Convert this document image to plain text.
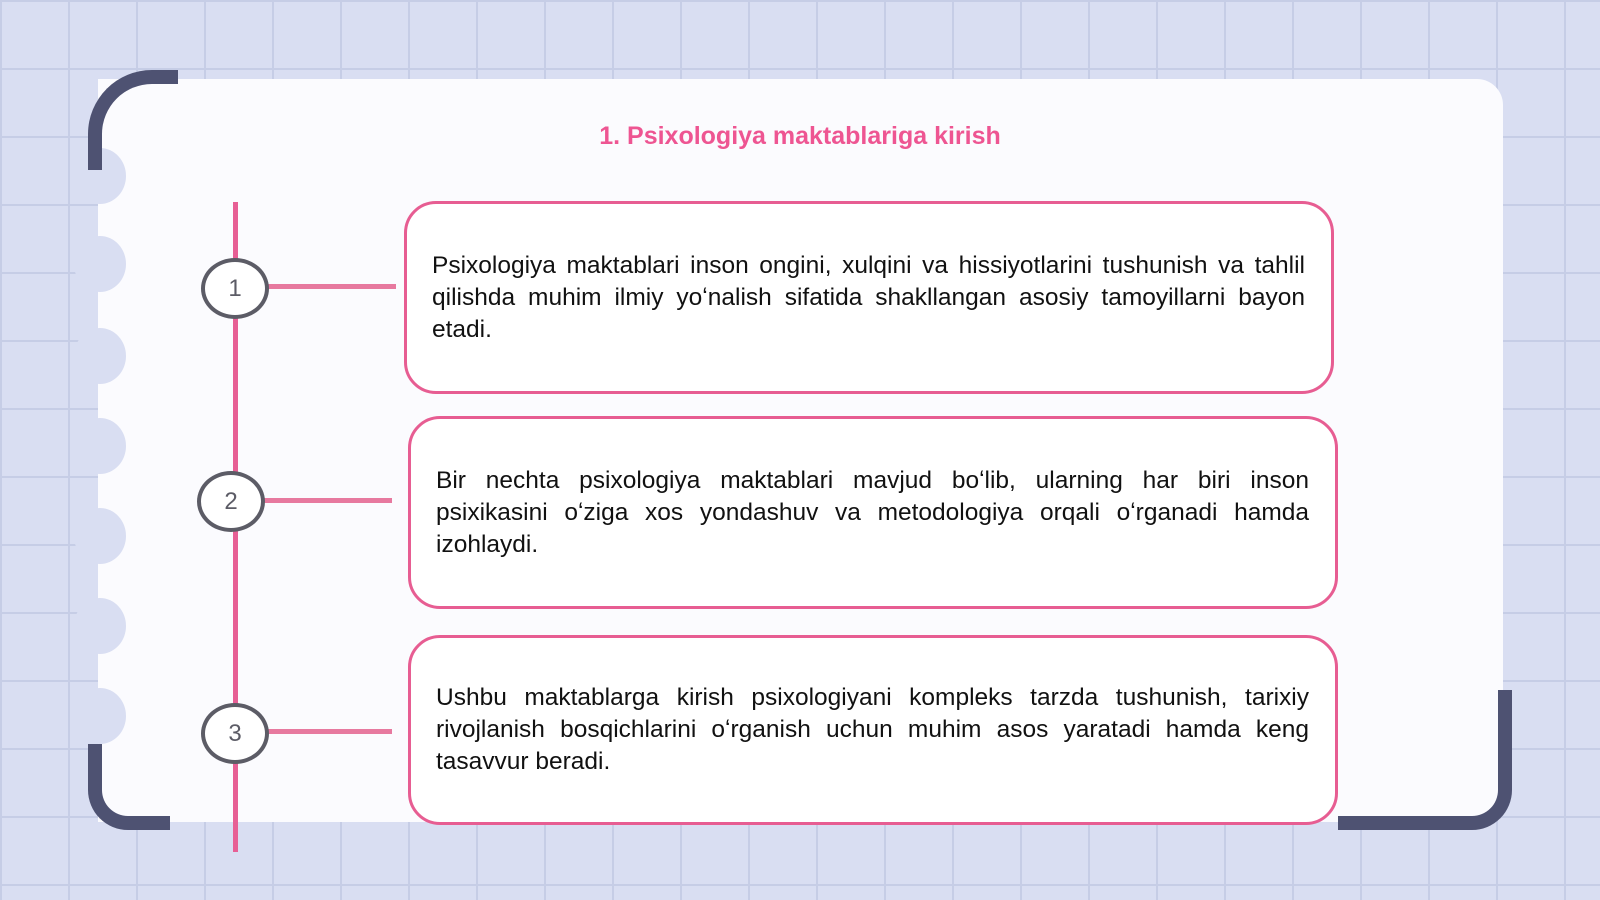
1. Psixologiya maktablariga kirish
1

Psixologiya maktablari inson ongini, xulqini va hissiyotlarini tushunish va tahlil qilishda muhim ilmiy yoʻnalish sifatida shakllangan asosiy tamoyillarni bayon etadi.

2

Bir nechta psixologiya maktablari mavjud boʻlib, ularning har biri inson psixikasini oʻziga xos yondashuv va metodologiya orqali oʻrganadi hamda izohlaydi.

3

Ushbu maktablarga kirish psixologiyani kompleks tarzda tushunish, tarixiy rivojlanish bosqichlarini oʻrganish uchun muhim asos yaratadi hamda keng tasavvur beradi.
